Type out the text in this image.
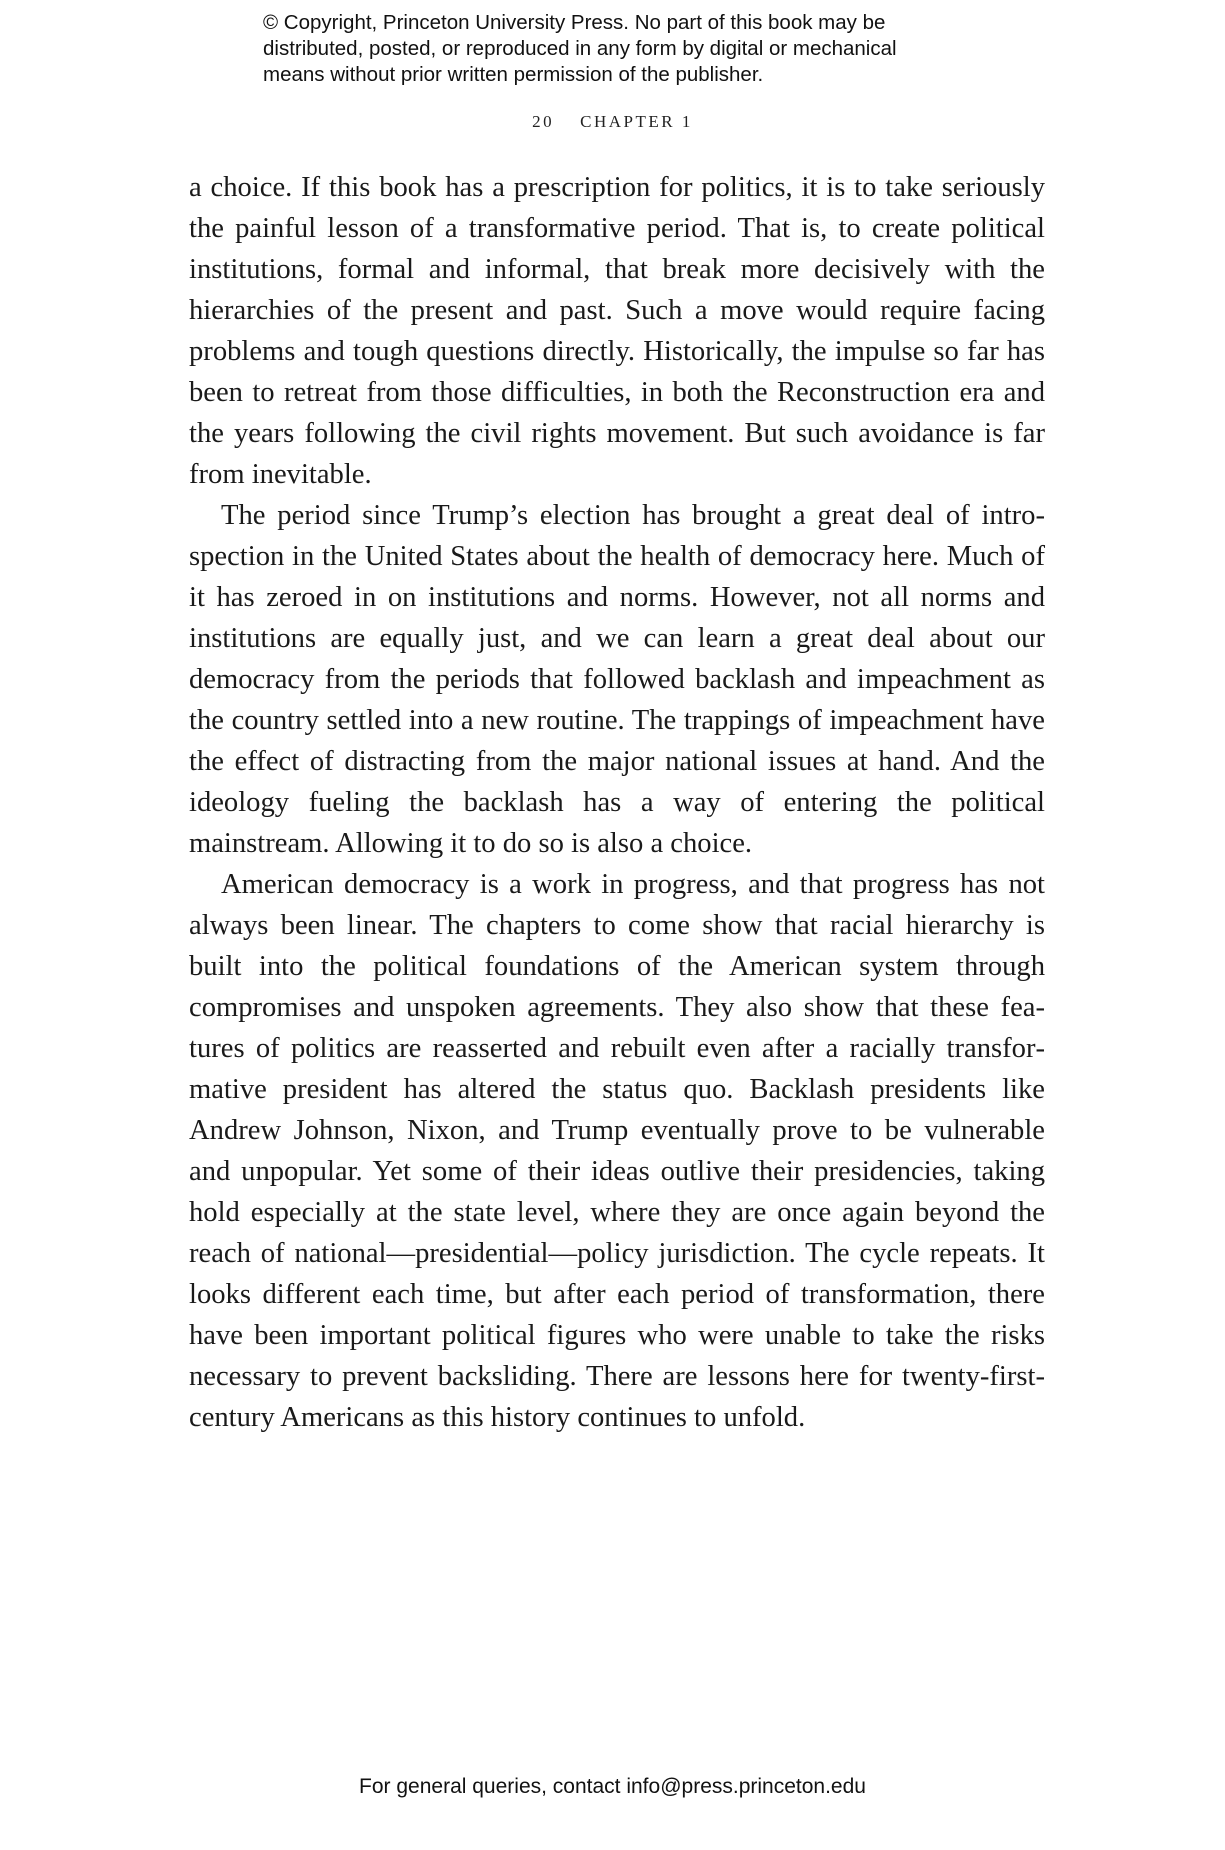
© Copyright, Princeton University Press. No part of this book may be
distributed, posted, or reproduced in any form by digital or mechanical
means without prior written permission of the publisher.
20 CHAPTER 1

a choice. If this book has a prescription for politics, it is to take seriously the painful lesson of a transformative period. That is, to create political institutions, formal and informal, that break more decisively with the hierarchies of the present and past. Such a move would require facing problems and tough questions directly. Historically, the impulse so far has been to retreat from those difficulties, in both the Reconstruction era and the years following the civil rights movement. But such avoidance is far from inevitable.

The period since Trump’s election has brought a great deal of introspection in the United States about the health of democracy here. Much of it has zeroed in on institutions and norms. However, not all norms and institutions are equally just, and we can learn a great deal about our democracy from the periods that followed backlash and impeachment as the country settled into a new routine. The trappings of impeachment have the effect of distracting from the major national issues at hand. And the ideology fueling the backlash has a way of entering the political mainstream. Allowing it to do so is also a choice.

American democracy is a work in progress, and that progress has not always been linear. The chapters to come show that racial hierarchy is built into the political foundations of the American system through compromises and unspoken agreements. They also show that these features of politics are reasserted and rebuilt even after a racially transformative president has altered the status quo. Backlash presidents like Andrew Johnson, Nixon, and Trump eventually prove to be vulnerable and unpopular. Yet some of their ideas outlive their presidencies, taking hold especially at the state level, where they are once again beyond the reach of national—presidential—policy jurisdiction. The cycle repeats. It looks different each time, but after each period of transformation, there have been important political figures who were unable to take the risks necessary to prevent backsliding. There are lessons here for twenty-first-century Americans as this history continues to unfold.

For general queries, contact info@press.princeton.edu
